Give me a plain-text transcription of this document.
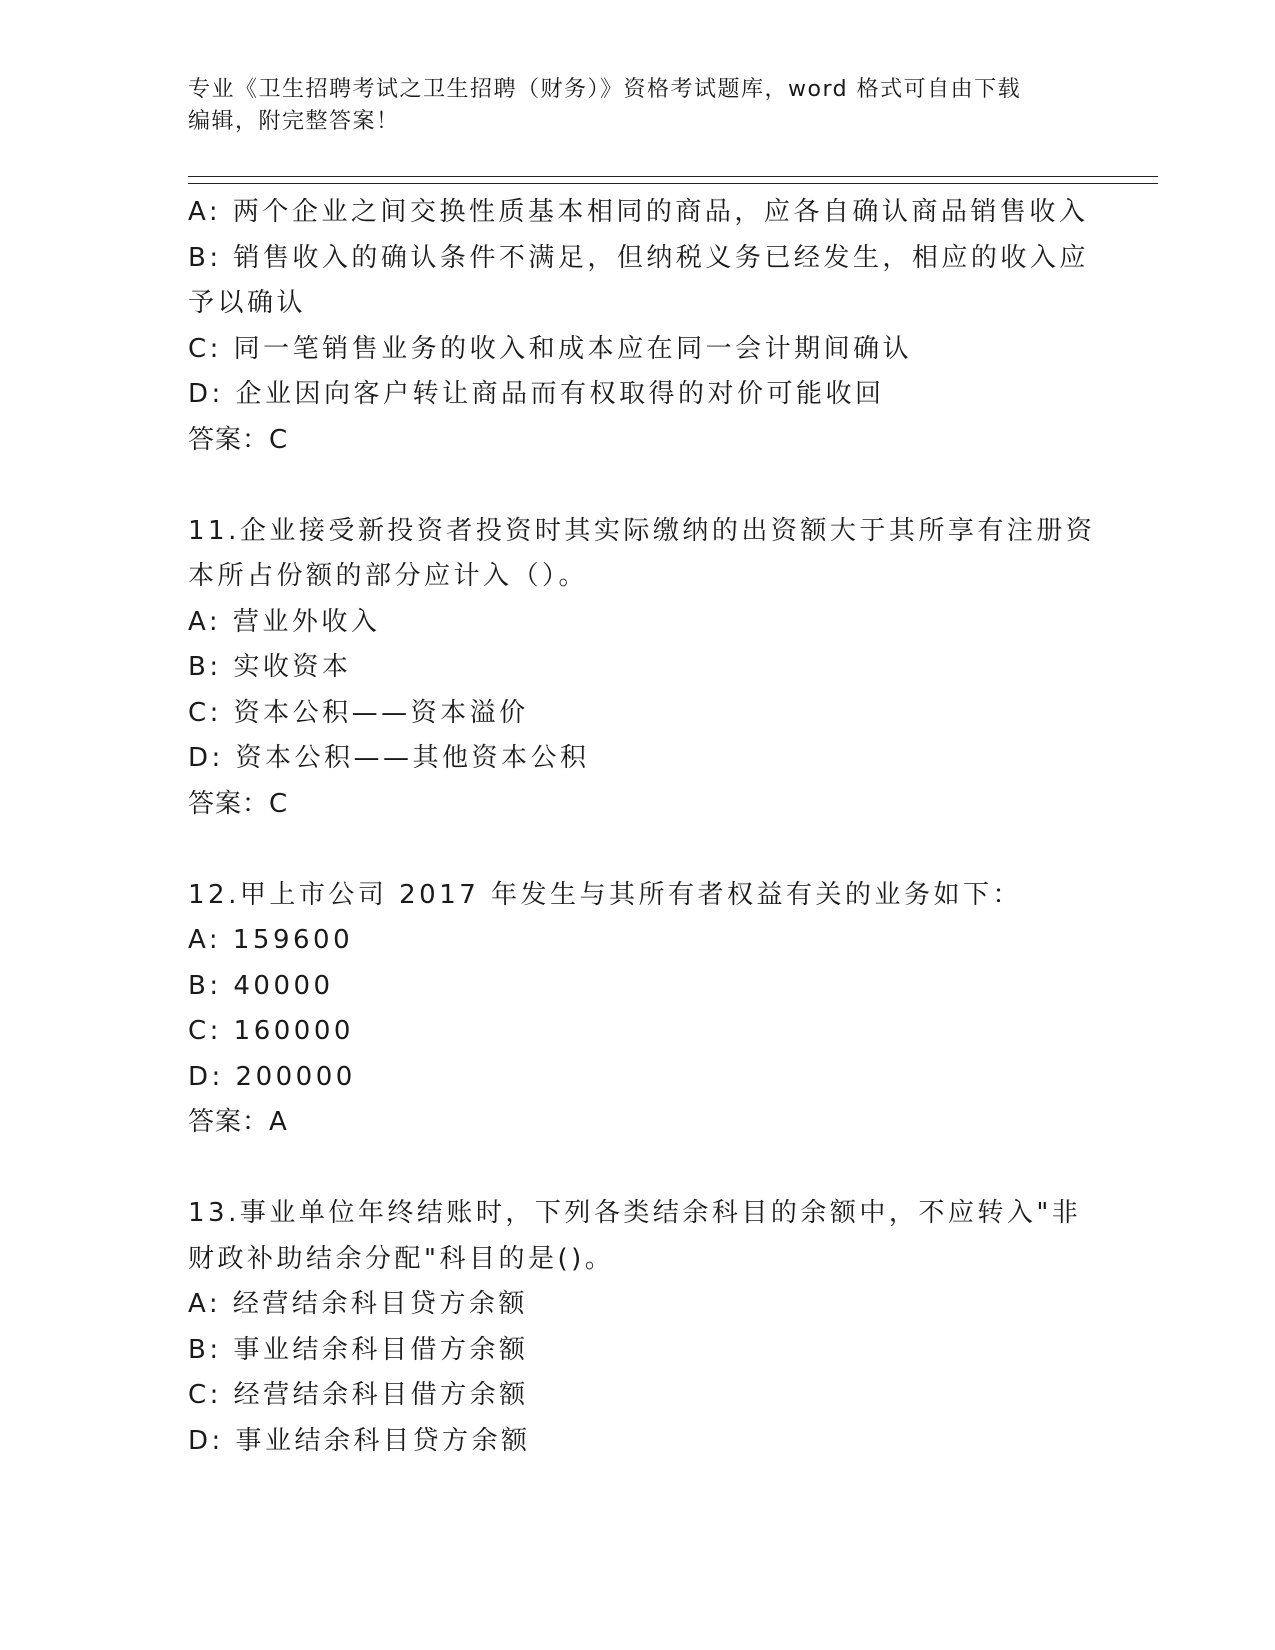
专业《卫生招聘考试之卫生招聘（财务）》资格考试题库，word 格式可自由下载
编辑，附完整答案！
A: 两个企业之间交换性质基本相同的商品，应各自确认商品销售收入
B: 销售收入的确认条件不满足，但纳税义务已经发生，相应的收入应
予以确认
C: 同一笔销售业务的收入和成本应在同一会计期间确认
D: 企业因向客户转让商品而有权取得的对价可能收回
答案：C
11.企业接受新投资者投资时其实际缴纳的出资额大于其所享有注册资
本所占份额的部分应计入（）。
A: 营业外收入
B: 实收资本
C: 资本公积——资本溢价
D: 资本公积——其他资本公积
答案：C
12.甲上市公司 2017 年发生与其所有者权益有关的业务如下：
A: 159600
B: 40000
C: 160000
D: 200000
答案：A
13.事业单位年终结账时，下列各类结余科目的余额中，不应转入"非
财政补助结余分配"科目的是()。
A: 经营结余科目贷方余额
B: 事业结余科目借方余额
C: 经营结余科目借方余额
D: 事业结余科目贷方余额
